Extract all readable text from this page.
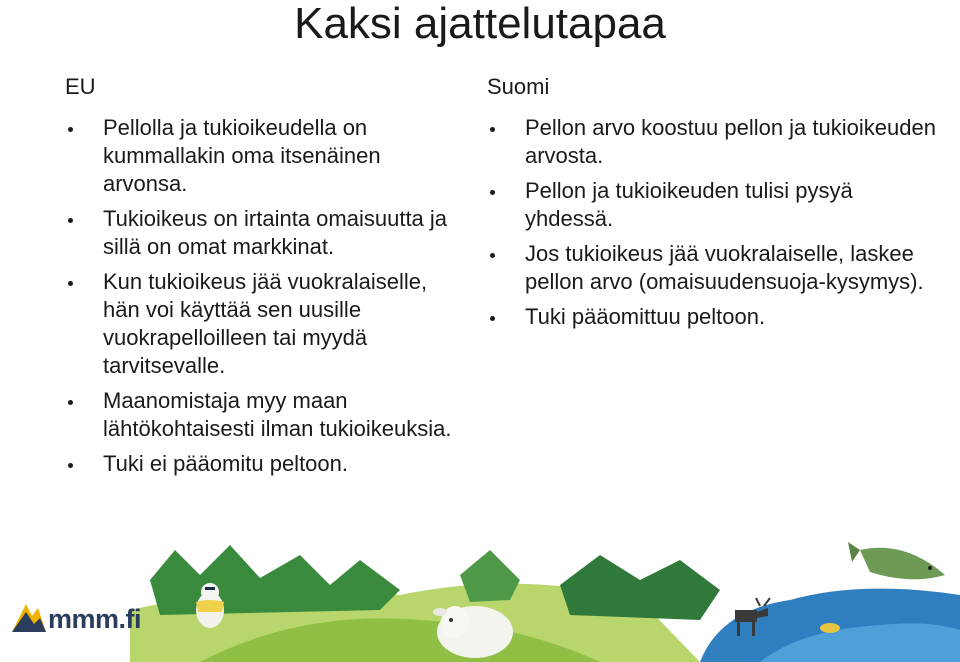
Kaksi ajattelutapaa
EU
Pellolla ja tukioikeudella on kummallakin oma itsenäinen arvonsa.
Tukioikeus on irtainta omaisuutta ja sillä on omat markkinat.
Kun tukioikeus jää vuokralaiselle, hän voi käyttää sen uusille vuokrapelloilleen tai myydä tarvitsevalle.
Maanomistaja myy maan lähtökohtaisesti ilman tukioikeuksia.
Tuki ei pääomitu peltoon.
Suomi
Pellon arvo koostuu pellon ja tukioikeuden arvosta.
Pellon ja tukioikeuden tulisi pysyä yhdessä.
Jos tukioikeus jää vuokralaiselle, laskee pellon arvo (omaisuudensuoja-kysymys).
Tuki pääomittuu peltoon.
mmm.fi
